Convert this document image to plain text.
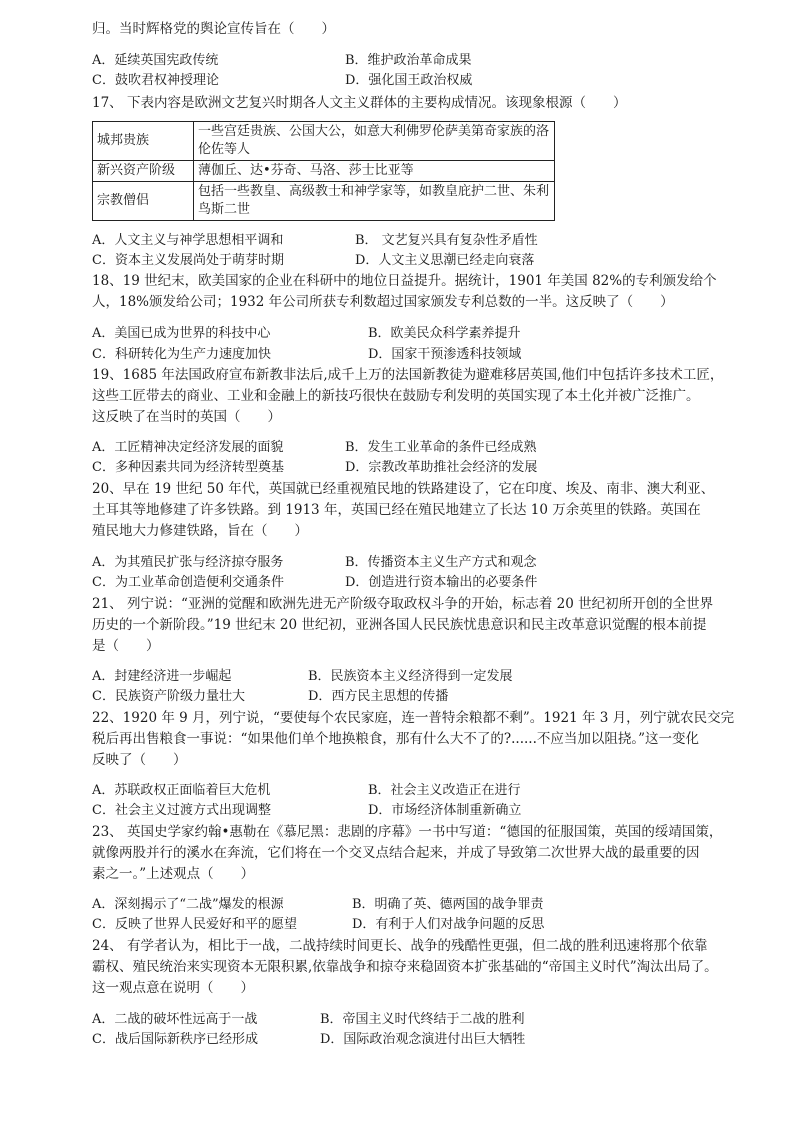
归。当时辉格党的舆论宣传旨在（　　）
A．延续英国宪政传统	B．维护政治革命成果
C．鼓吹君权神授理论	D．强化国王政治权威
17、 下表内容是欧洲文艺复兴时期各人文主义群体的主要构成情况。该现象根源（　　）
城邦贵族	一些宫廷贵族、公国大公，如意大利佛罗伦萨美第奇家族的洛
伦佐等人

新兴资产阶级	薄伽丘、达•芬奇、马洛、莎士比亚等
宗教僧侣	包括一些教皇、高级教士和神学家等，如教皇庇护二世、朱利
鸟斯二世
A．人文主义与神学思想相平调和	B． 文艺复兴具有复杂性矛盾性
C．资本主义发展尚处于萌芽时期	D．人文主义思潮已经走向衰落
18、19 世纪末，欧美国家的企业在科研中的地位日益提升。据统计，1901 年美国 82%的专利颁发给个
人，18%颁发给公司；1932 年公司所获专利数超过国家颁发专利总数的一半。这反映了（　　）
A．美国已成为世界的科技中心	B．欧美民众科学素养提升
C．科研转化为生产力速度加快	D．国家干预渗透科技领域
19、1685 年法国政府宣布新教非法后,成千上万的法国新教徒为避难移居英国,他们中包括许多技术工匠，
这些工匠带去的商业、工业和金融上的新技巧很快在鼓励专利发明的英国实现了本土化并被广泛推广。
这反映了在当时的英国（　　）
A．工匠精神决定经济发展的面貌	B．发生工业革命的条件已经成熟
C．多种因素共同为经济转型奠基	D．宗教改革助推社会经济的发展
20、早在 19 世纪 50 年代，英国就已经重视殖民地的铁路建设了，它在印度、埃及、南非、澳大利亚、
土耳其等地修建了许多铁路。到 1913 年，英国已经在殖民地建立了长达 10 万余英里的铁路。英国在
殖民地大力修建铁路，旨在（　　）
A．为其殖民扩张与经济掠夺服务	B．传播资本主义生产方式和观念
C．为工业革命创造便利交通条件	D．创造进行资本输出的必要条件
21、 列宁说：“亚洲的觉醒和欧洲先进无产阶级夺取政权斗争的开始，标志着 20 世纪初所开创的全世界
历史的一个新阶段。”19 世纪末 20 世纪初，亚洲各国人民民族忧患意识和民主改革意识觉醒的根本前提
是（　　）
A．封建经济进一步崛起	B．民族资本主义经济得到一定发展
C．民族资产阶级力量壮大	D．西方民主思想的传播
22、1920 年 9 月，列宁说，“要使每个农民家庭，连一普特余粮都不剩”。1921 年 3 月，列宁就农民交完
税后再出售粮食一事说：“如果他们单个地换粮食，那有什么大不了的?......不应当加以阻挠。”这一变化
反映了（　　）
A．苏联政权正面临着巨大危机	B．社会主义改造正在进行
C．社会主义过渡方式出现调整	D．市场经济体制重新确立
23、 英国史学家约翰•惠勒在《慕尼黑：悲剧的序幕》一书中写道：“德国的征服国策，英国的绥靖国策，
就像两股并行的溪水在奔流，它们将在一个交叉点结合起来，并成了导致第二次世界大战的最重要的因
素之一。”上述观点（　　）
A．深刻揭示了“二战”爆发的根源	B．明确了英、德两国的战争罪责
C．反映了世界人民爱好和平的愿望	D．有利于人们对战争问题的反思
24、 有学者认为，相比于一战，二战持续时间更长、战争的残酷性更强，但二战的胜利迅速将那个依靠
霸权、殖民统治来实现资本无限积累,依靠战争和掠夺来稳固资本扩张基础的“帝国主义时代”淘汰出局了。
这一观点意在说明（　　）
A．二战的破坏性远高于一战	B．帝国主义时代终结于二战的胜利
C．战后国际新秩序已经形成	D．国际政治观念演进付出巨大牺牲
